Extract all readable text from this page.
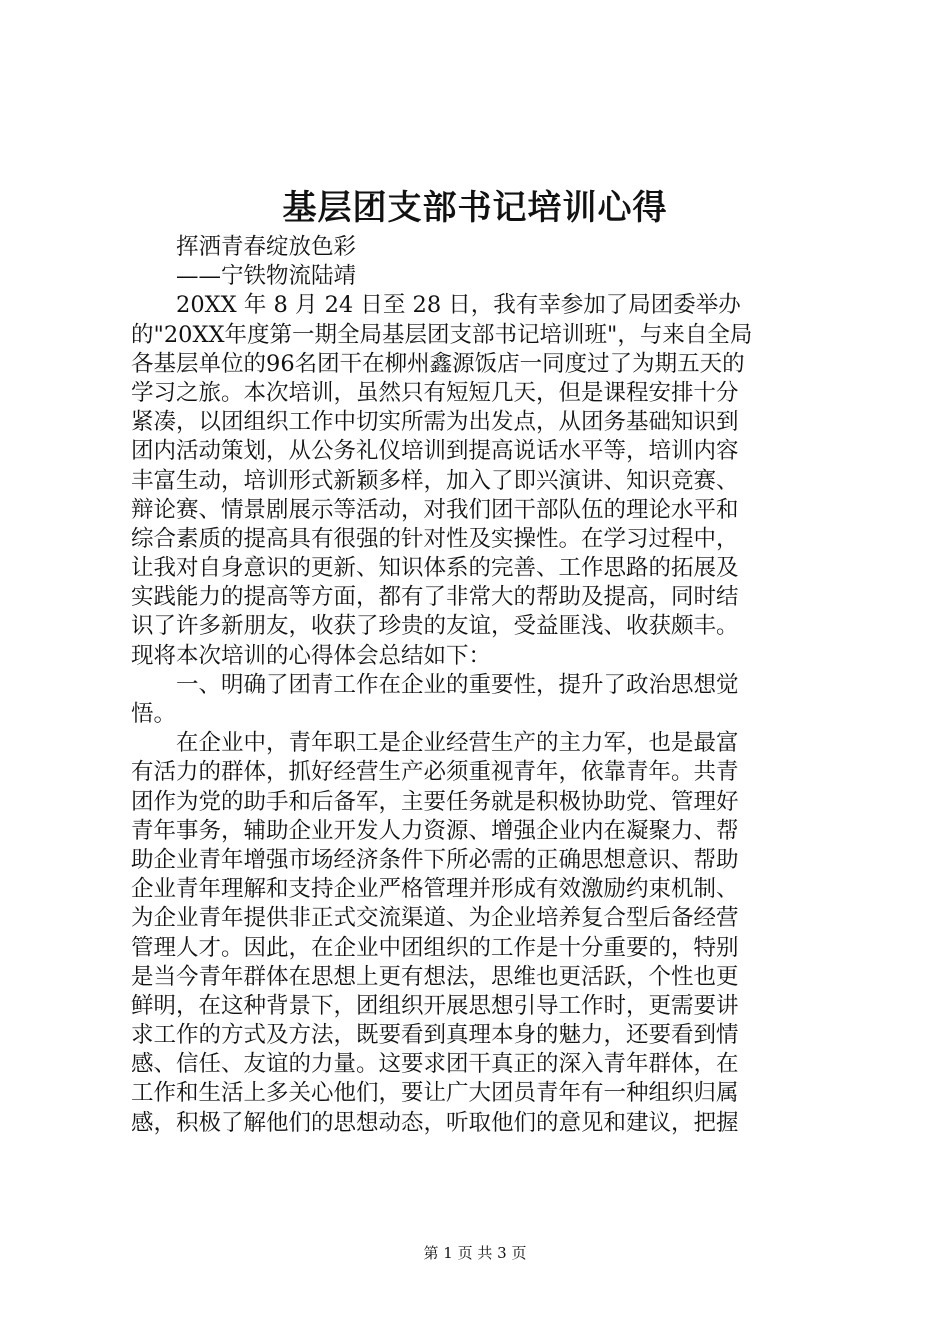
基层团支部书记培训心得

　　挥洒青春绽放色彩

　　——宁铁物流陆靖

　　20XX 年 8 月 24 日至 28 日，我有幸参加了局团委举办

的"20XX年度第一期全局基层团支部书记培训班"，与来自全局

各基层单位的96名团干在柳州鑫源饭店一同度过了为期五天的

学习之旅。本次培训，虽然只有短短几天，但是课程安排十分

紧凑，以团组织工作中切实所需为出发点，从团务基础知识到

团内活动策划，从公务礼仪培训到提高说话水平等，培训内容

丰富生动，培训形式新颖多样，加入了即兴演讲、知识竞赛、

辩论赛、情景剧展示等活动，对我们团干部队伍的理论水平和

综合素质的提高具有很强的针对性及实操性。在学习过程中，

让我对自身意识的更新、知识体系的完善、工作思路的拓展及

实践能力的提高等方面，都有了非常大的帮助及提高，同时结

识了许多新朋友，收获了珍贵的友谊，受益匪浅、收获颇丰。

现将本次培训的心得体会总结如下：

　　一、明确了团青工作在企业的重要性，提升了政治思想觉

悟。

　　在企业中，青年职工是企业经营生产的主力军，也是最富

有活力的群体，抓好经营生产必须重视青年，依靠青年。共青

团作为党的助手和后备军，主要任务就是积极协助党、管理好

青年事务，辅助企业开发人力资源、增强企业内在凝聚力、帮

助企业青年增强市场经济条件下所必需的正确思想意识、帮助

企业青年理解和支持企业严格管理并形成有效激励约束机制、

为企业青年提供非正式交流渠道、为企业培养复合型后备经营

管理人才。因此，在企业中团组织的工作是十分重要的，特别

是当今青年群体在思想上更有想法，思维也更活跃，个性也更

鲜明，在这种背景下，团组织开展思想引导工作时，更需要讲

求工作的方式及方法，既要看到真理本身的魅力，还要看到情

感、信任、友谊的力量。这要求团干真正的深入青年群体，在

工作和生活上多关心他们，要让广大团员青年有一种组织归属

感，积极了解他们的思想动态，听取他们的意见和建议，把握

第 1 页 共 3 页
